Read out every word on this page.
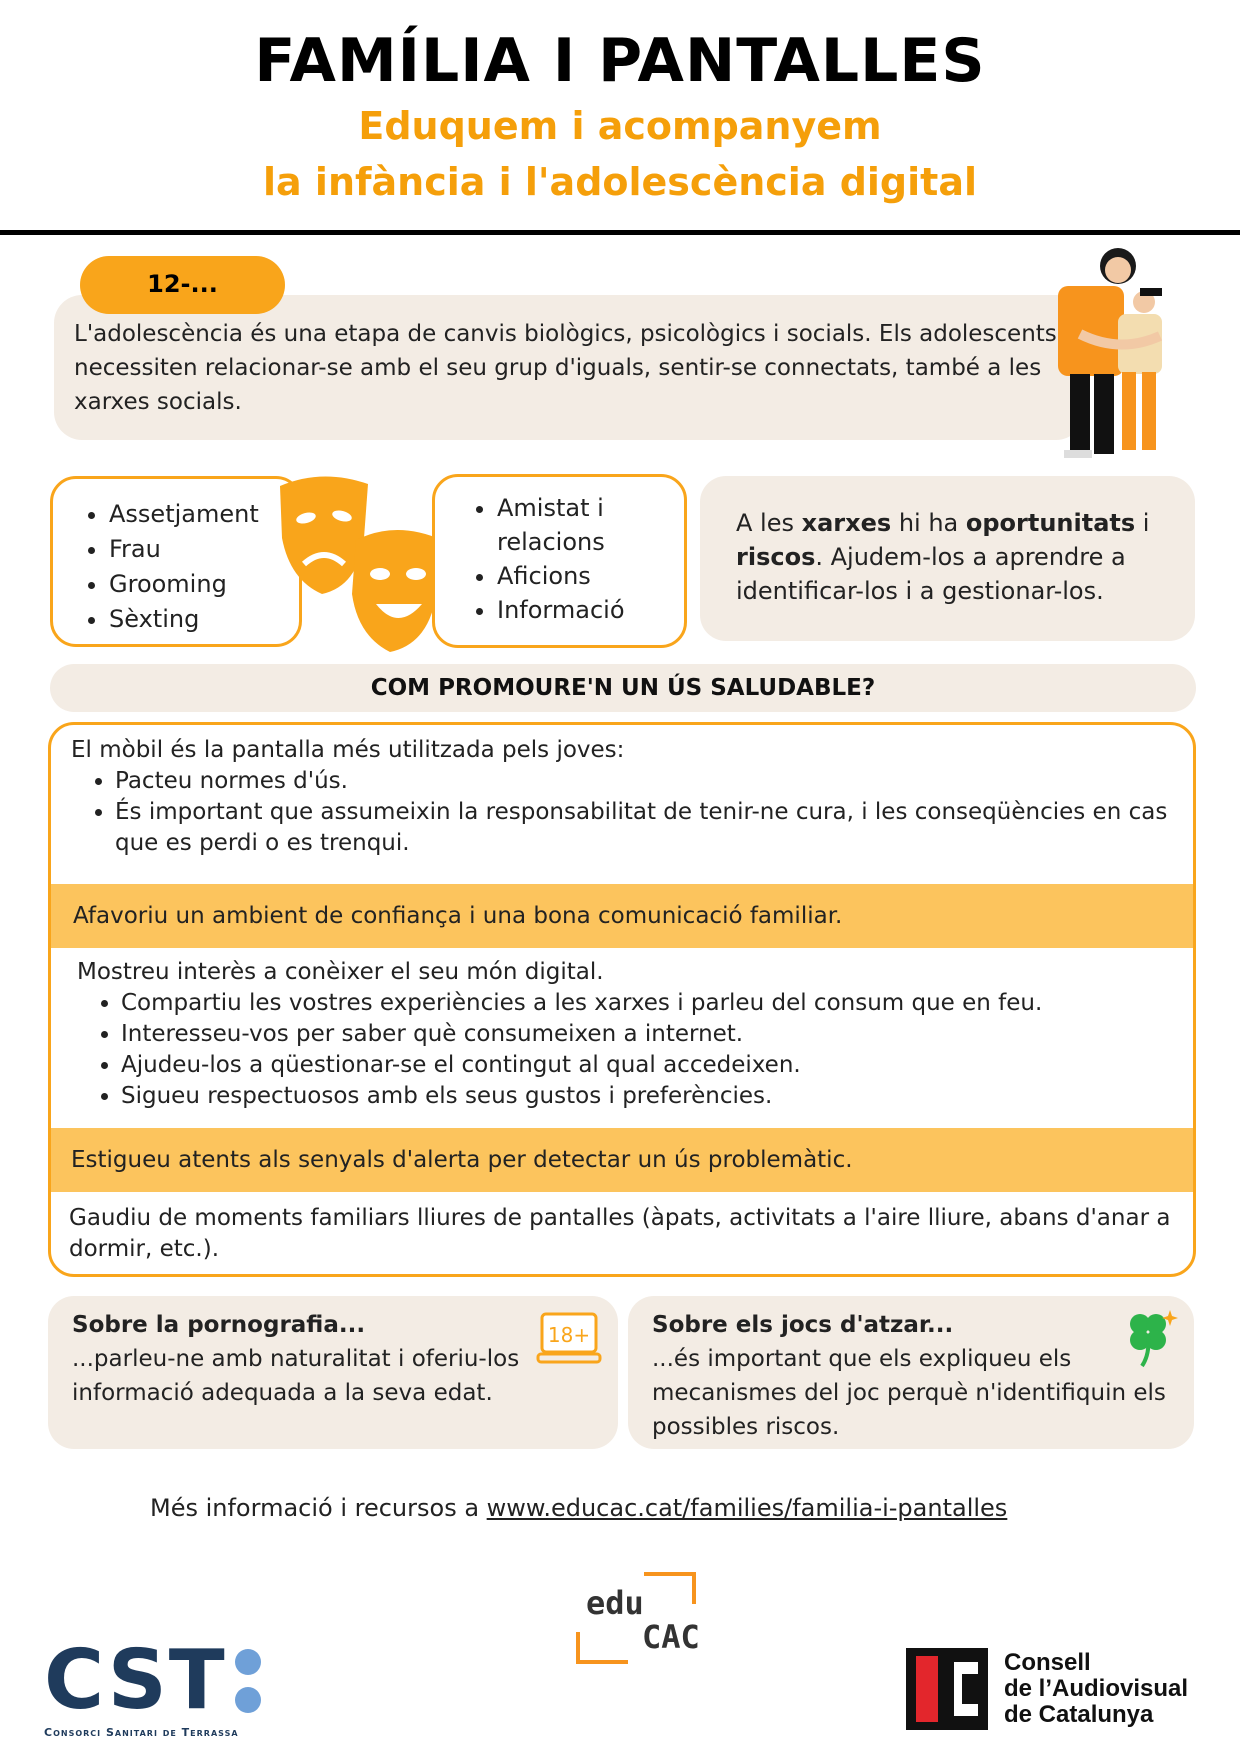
FAMÍLIA I PANTALLES
Eduquem i acompanyem
la infància i l'adolescència digital
L'adolescència és una etapa de canvis biològics, psicològics i socials. Els adolescents necessiten relacionar-se amb el seu grup d'iguals, sentir-se connectats, també a les xarxes socials.
12-...
• Assetjament
• Frau
• Grooming
• Sèxting
• Amistat i relacions
• Aficions
• Informació
A les xarxes hi ha oportunitats i riscos. Ajudem-los a aprendre a identificar-los i a gestionar-los.
COM PROMOURE'N UN ÚS SALUDABLE?
El mòbil és la pantalla més utilitzada pels joves:
• Pacteu normes d'ús.
• És important que assumeixin la responsabilitat de tenir-ne cura, i les conseqüències en cas que es perdi o es trenqui.
Afavoriu un ambient de confiança i una bona comunicació familiar.
Mostreu interès a conèixer el seu món digital.
• Compartiu les vostres experiències a les xarxes i parleu del consum que en feu.
• Interesseu-vos per saber què consumeixen a internet.
• Ajudeu-los a qüestionar-se el contingut al qual accedeixen.
• Sigueu respectuosos amb els seus gustos i preferències.
Estigueu atents als senyals d'alerta per detectar un ús problemàtic.
Gaudiu de moments familiars lliures de pantalles (àpats, activitats a l'aire lliure, abans d'anar a dormir, etc.).
Sobre la pornografia...
...parleu-ne amb naturalitat i oferiu-los informació adequada a la seva edat.
18+	Sobre els jocs d'atzar...
...és important que els expliqueu els mecanismes del joc perquè n'identifiquin els possibles riscos.
Més informació i recursos a www.educac.cat/families/familia-i-pantalles
edu
CAC
CST
Consorci Sanitari de Terrassa
Consell
de l’Audiovisual
de Catalunya
